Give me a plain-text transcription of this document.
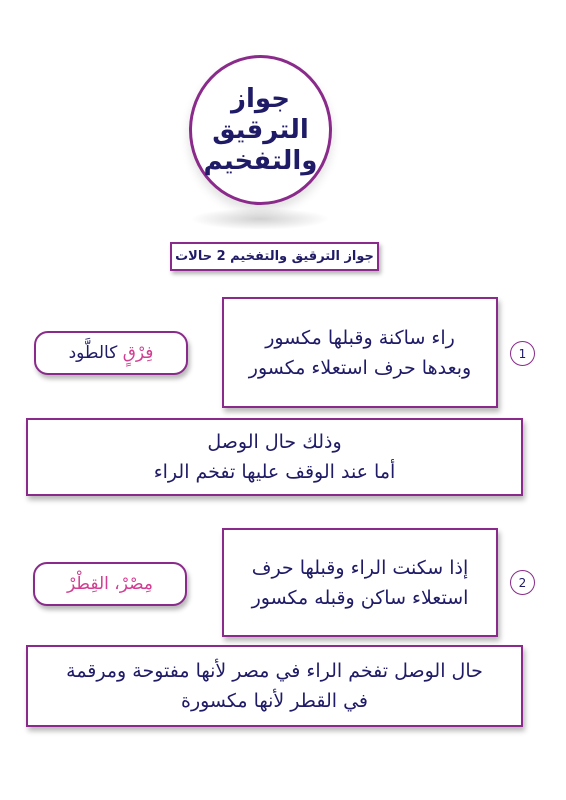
جواز
الترقيق
والتفخيم
جواز الترقيق والتفخيم 2 حالات
1
راء ساكنة وقبلها مكسور
وبعدها حرف استعلاء مكسور
فِرْقٍ كالطَّود
وذلك حال الوصل
أما عند الوقف عليها تفخم الراء
2
إذا سكنت الراء وقبلها حرف
استعلاء ساكن وقبله مكسور
مِصْرْ، القِطْرْ
حال الوصل تفخم الراء في مصر لأنها مفتوحة ومرقمة
في القطر لأنها مكسورة
